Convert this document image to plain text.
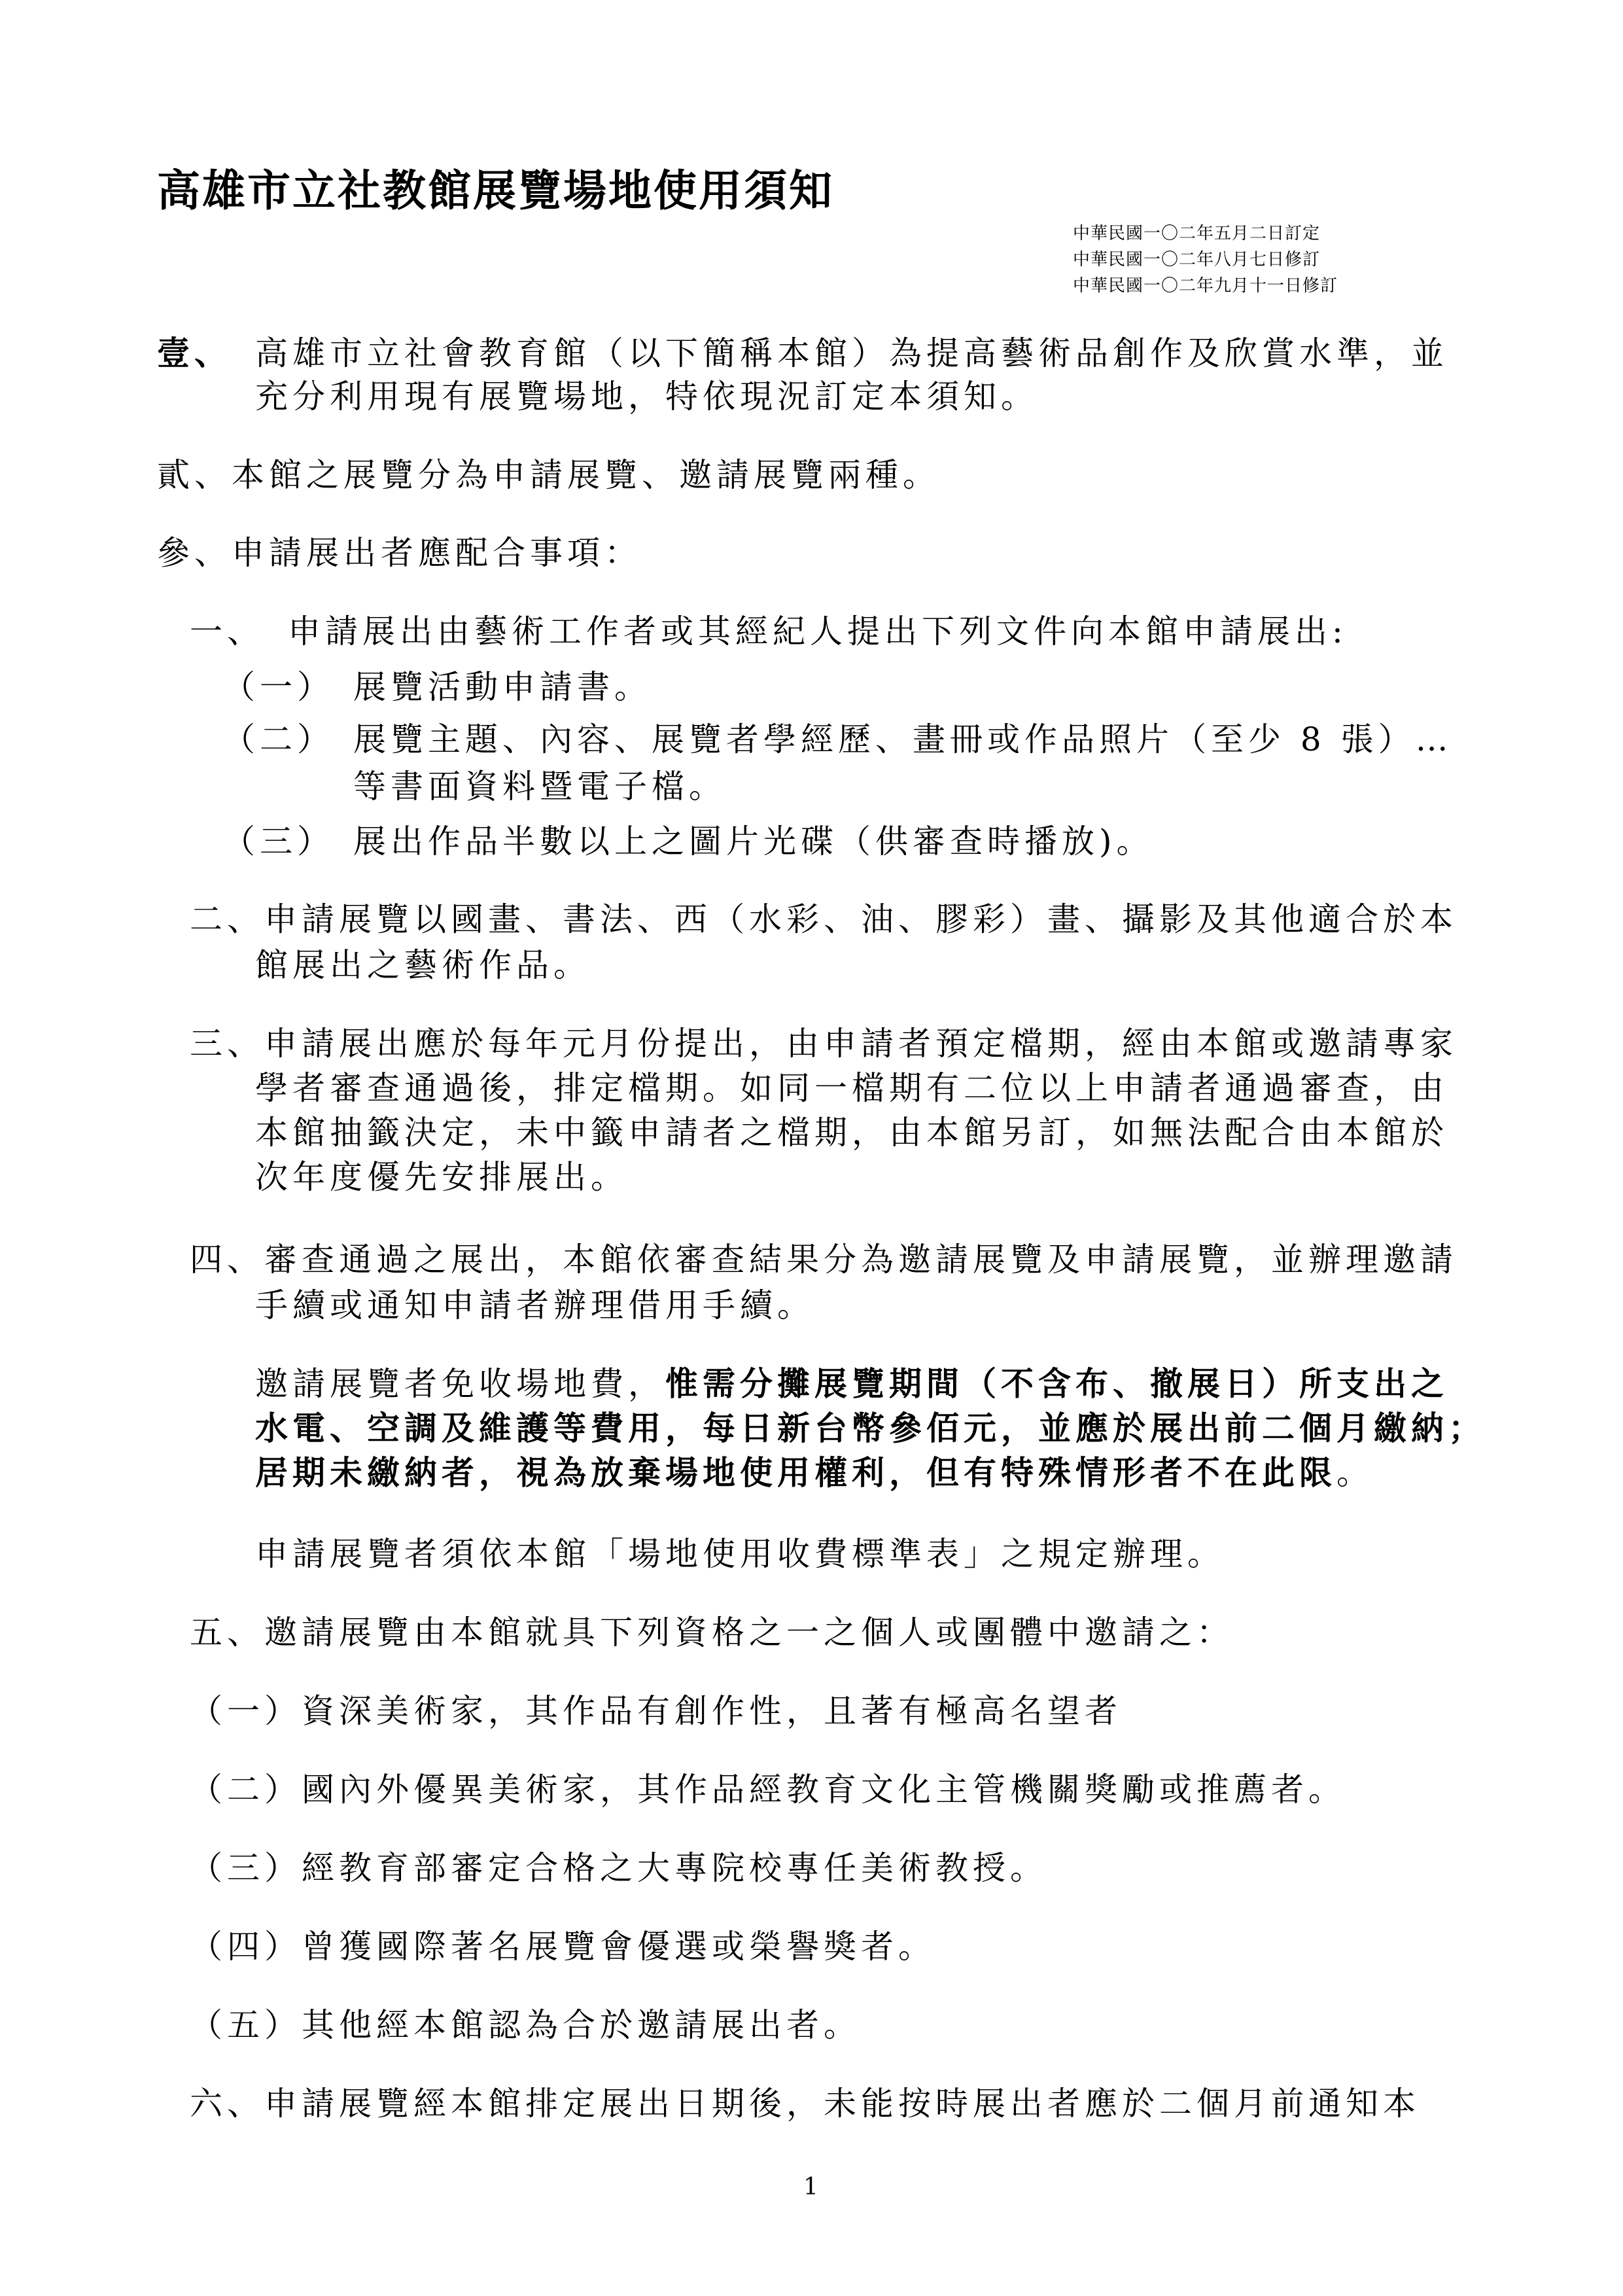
高雄市立社教館展覽場地使用須知
中華民國一〇二年五月二日訂定
中華民國一〇二年八月七日修訂
中華民國一〇二年九月十一日修訂
壹、 高雄市立社會教育館（以下簡稱本館）為提高藝術品創作及欣賞水準，並
充分利用現有展覽場地，特依現況訂定本須知。
貳、本館之展覽分為申請展覽、邀請展覽兩種。
參、申請展出者應配合事項：
一、 申請展出由藝術工作者或其經紀人提出下列文件向本館申請展出:
（一） 展覽活動申請書。
（二） 展覽主題、內容、展覽者學經歷、畫冊或作品照片（至少 8 張）…
等書面資料暨電子檔。
（三） 展出作品半數以上之圖片光碟（供審查時播放)。
二、申請展覽以國畫、書法、西（水彩、油、膠彩）畫、攝影及其他適合於本
館展出之藝術作品。
三、申請展出應於每年元月份提出，由申請者預定檔期，經由本館或邀請專家
學者審查通過後，排定檔期。如同一檔期有二位以上申請者通過審查，由
本館抽籤決定，未中籤申請者之檔期，由本館另訂，如無法配合由本館於
次年度優先安排展出。
四、審查通過之展出，本館依審查結果分為邀請展覽及申請展覽，並辦理邀請
手續或通知申請者辦理借用手續。
邀請展覽者免收場地費，惟需分攤展覽期間（不含布、撤展日）所支出之
水電、空調及維護等費用，每日新台幣參佰元，並應於展出前二個月繳納；
居期未繳納者，視為放棄場地使用權利，但有特殊情形者不在此限。
申請展覽者須依本館「場地使用收費標準表」之規定辦理。
五、邀請展覽由本館就具下列資格之一之個人或團體中邀請之：
（一）資深美術家，其作品有創作性，且著有極高名望者
（二）國內外優異美術家，其作品經教育文化主管機關獎勵或推薦者。
（三）經教育部審定合格之大專院校專任美術教授。
（四）曾獲國際著名展覽會優選或榮譽獎者。
（五）其他經本館認為合於邀請展出者。
六、申請展覽經本館排定展出日期後，未能按時展出者應於二個月前通知本
1
